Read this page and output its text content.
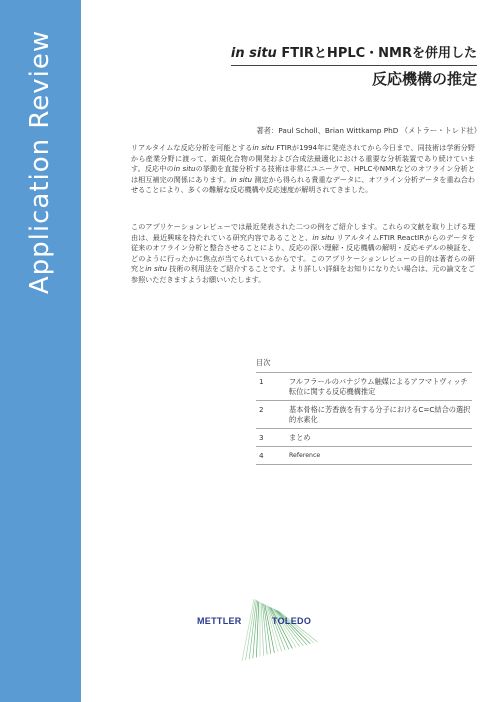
Application Review	in situ FTIRとHPLC・NMRを併用した
反応機構の推定
著者：Paul Scholl、Brian Wittkamp PhD （メトラー・トレド社）

リアルタイムな反応分析を可能とするin situ FTIRが1994年に発売されてから今日まで、同技術は学術分野から産業分野に渡って、新規化合物の開発および合成法最適化における重要な分析装置であり続けています。反応中のin situの挙動を直接分析する技術は非常にユニークで、HPLCやNMRなどのオフライン分析とは相互補完の関係にあります。in situ 測定から得られる貴重なデータに、オフライン分析データを重ね合わせることにより、多くの難解な反応機構や反応速度が解明されてきました。

このアプリケーションレビューでは最近発表された二つの例をご紹介します。これらの文献を取り上げる理由は、最近興味を持たれている研究内容であることと、in situ リアルタイムFTIR ReactIRからのデータを従来のオフライン分析と整合させることにより、反応の深い理解・反応機構の解明・反応モデルの検証を、どのように行ったかに焦点が当てられているからです。このアプリケーションレビューの目的は著者らの研究とin situ 技術の利用法をご紹介することです。より詳しい詳細をお知りになりたい場合は、元の論文をご参照いただきますようお願いいたします。

目次
1	フルフラールのバナジウム触媒によるアフマトヴィッチ転位に関する反応機構推定
2	基本骨格に芳香族を有する分子におけるC=C結合の選択的水素化
3	まとめ
4	Reference
METTLER	TOLEDO
